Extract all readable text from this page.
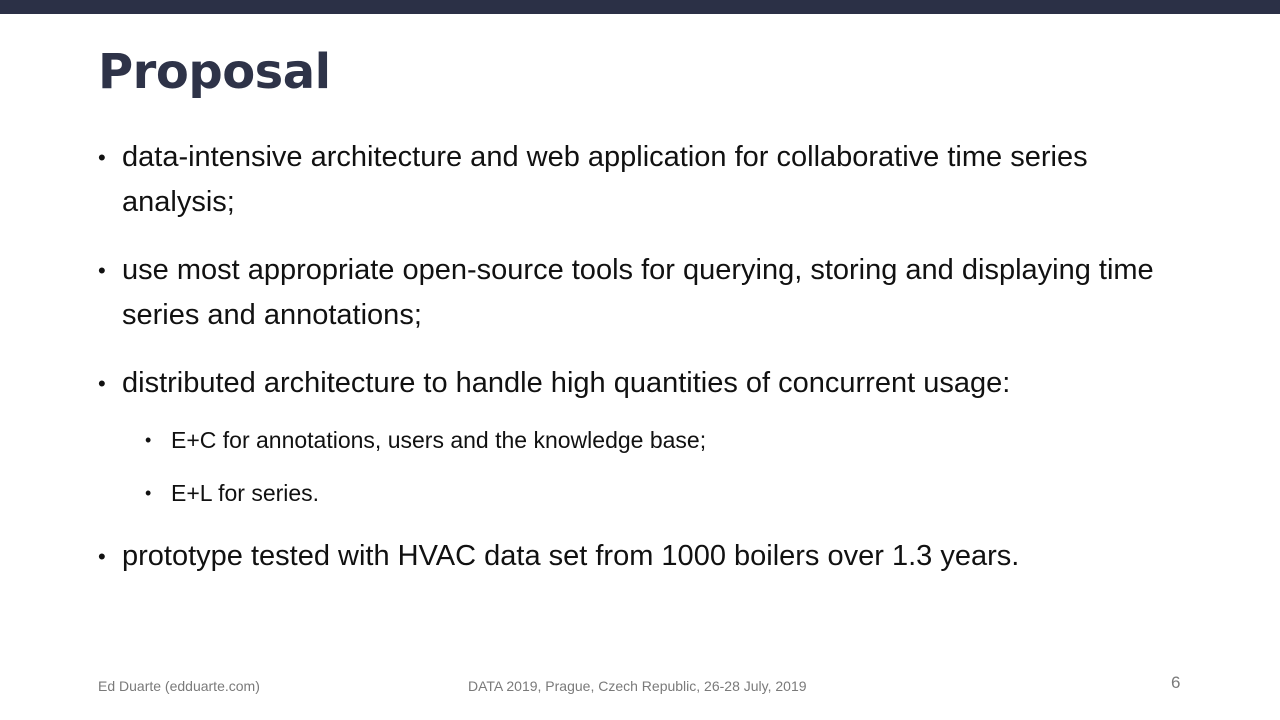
Proposal
• data-intensive architecture and web application for collaborative time series analysis;
• use most appropriate open-source tools for querying, storing and displaying time series and annotations;
• distributed architecture to handle high quantities of concurrent usage:
• E+C for annotations, users and the knowledge base;
• E+L for series.
• prototype tested with HVAC data set from 1000 boilers over 1.3 years.
Ed Duarte (edduarte.com)	DATA 2019, Prague, Czech Republic, 26-28 July, 2019	6
